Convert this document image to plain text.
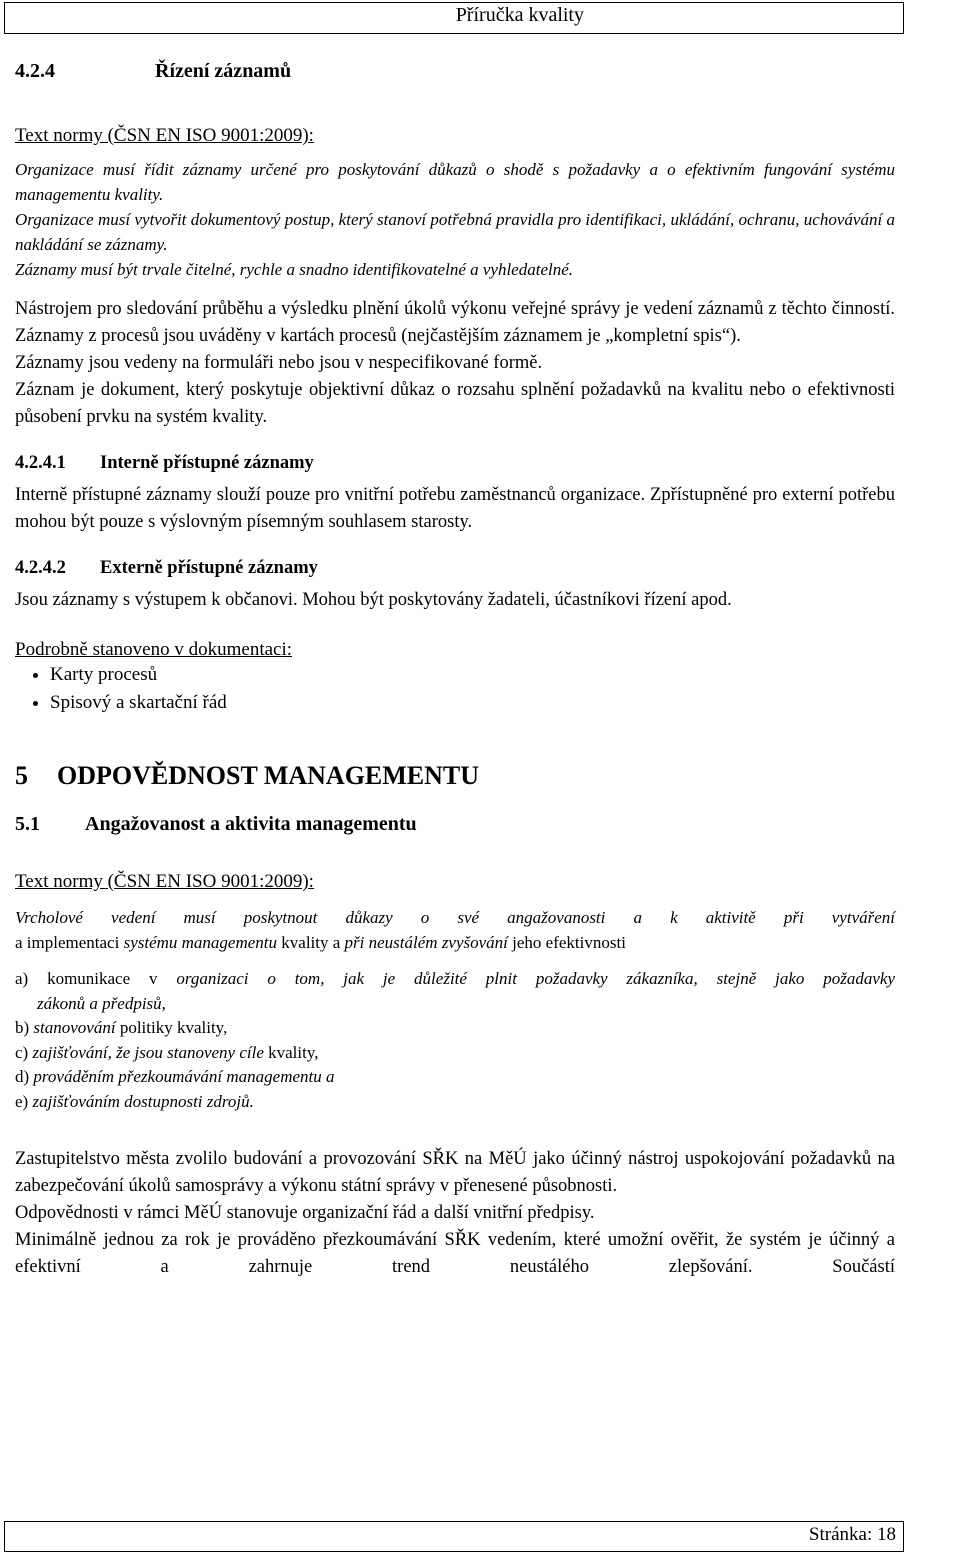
Příručka kvality
4.2.4	Řízení záznamů

Text normy (ČSN EN ISO 9001:2009):

Organizace musí řídit záznamy určené pro poskytování důkazů o shodě s požadavky a o efektivním fungování systému managementu kvality.

Organizace musí vytvořit dokumentový postup, který stanoví potřebná pravidla pro identifikaci, ukládání, ochranu, uchovávání a nakládání se záznamy.

Záznamy musí být trvale čitelné, rychle a snadno identifikovatelné a vyhledatelné.

Nástrojem pro sledování průběhu a výsledku plnění úkolů výkonu veřejné správy je vedení záznamů z těchto činností. Záznamy z procesů jsou uváděny v kartách procesů (nejčastějším záznamem je „kompletní spis“).

Záznamy jsou vedeny na formuláři nebo jsou v nespecifikované formě.

Záznam je dokument, který poskytuje objektivní důkaz o rozsahu splnění požadavků na kvalitu nebo o efektivnosti působení prvku na systém kvality.

4.2.4.1	Interně přístupné záznamy

Interně přístupné záznamy slouží pouze pro vnitřní potřebu zaměstnanců organizace. Zpřístupněné pro externí potřebu mohou být pouze s výslovným písemným souhlasem starosty.

4.2.4.2	Externě přístupné záznamy

Jsou záznamy s výstupem k občanovi. Mohou být poskytovány žadateli, účastníkovi řízení apod.

Podrobně stanoveno v dokumentaci:

• Karty procesů
• Spisový a skartační řád
5	ODPOVĚDNOST MANAGEMENTU
5.1	Angažovanost a aktivita managementu

Text normy (ČSN EN ISO 9001:2009):

Vrcholové vedení musí poskytnout důkazy o své angažovanosti a k aktivitě při vytváření

a implementaci systému managementu kvality a při neustálém zvyšování jeho efektivnosti

a) komunikace v organizaci o tom, jak je důležité plnit požadavky zákazníka, stejně jako požadavky
zákonů a předpisů,
b) stanovování politiky kvality,
c) zajišťování, že jsou stanoveny cíle kvality,
d) prováděním přezkoumávání managementu a
e) zajišťováním dostupnosti zdrojů.

Zastupitelstvo města zvolilo budování a provozování SŘK na MěÚ jako účinný nástroj uspokojování požadavků na zabezpečování úkolů samosprávy a výkonu státní správy v přenesené působnosti.

Odpovědnosti v rámci MěÚ stanovuje organizační řád a další vnitřní předpisy.

Minimálně jednou za rok je prováděno přezkoumávání SŘK vedením, které umožní ověřit, že systém je účinný a efektivní a zahrnuje trend neustálého zlepšování. Součástí

Stránka: 18
